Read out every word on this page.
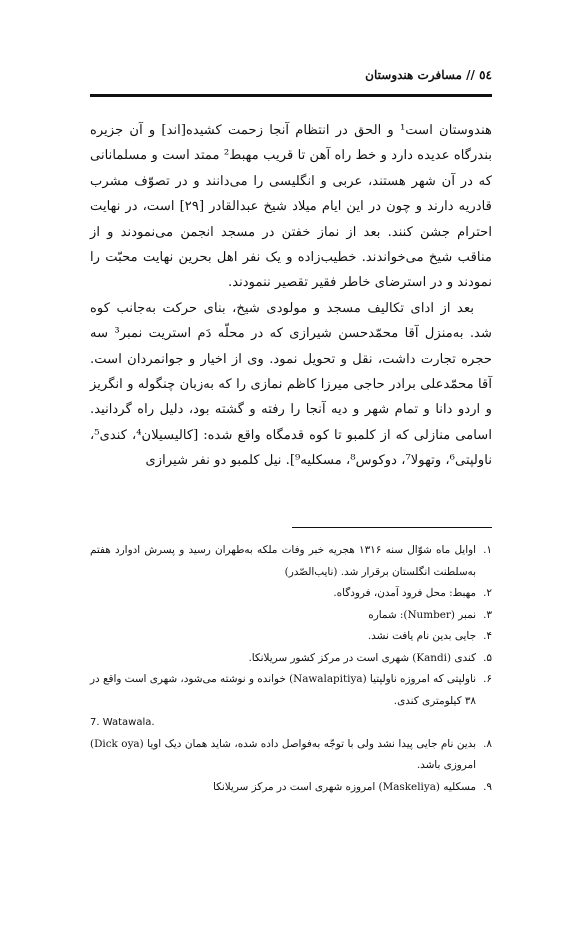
٥٤ // مسافرت هندوستان

هندوستان است¹ و الحق در انتظام آنجا زحمت کشیده[اند] و آن جزیره بندرگاه عدیده دارد و خط راه آهن تا قریب مهبط² ممتد است و مسلمانانی که در آن شهر هستند، عربی و انگلیسی را می‌دانند و در تصوّف مشرب قادریه دارند و چون در این ایام میلاد شیخ عبدالقادر [۲۹] است، در نهایت احترام جشن کنند. بعد از نماز خفتن در مسجد انجمن می‌نمودند و از مناقب شیخ می‌خواندند. خطیب‌زاده و یک نفر اهل بحرین نهایت محبّت را نمودند و در استرضای خاطر فقیر تقصیر ننمودند.

بعد از ادای تکالیف مسجد و مولودی شیخ، بنای حرکت به‌جانب کوه شد. به‌منزل آقا محمّدحسن شیرازی که در محلّه دَم استریت نمبر³ سه حجره تجارت داشت، نقل و تحویل نمود. وی از اخیار و جوانمردان است. آقا محمّدعلی برادر حاجی میرزا کاظم نمازی را که به‌زبان چنگوله و انگریز و اردو دانا و تمام شهر و دیه آنجا را رفته و گشته بود، دلیل راه گردانید. اسامی منازلی که از کلمبو تا کوه قدمگاه واقع شده: [کالیسیلان⁴، کندی⁵، ناولپتی⁶، وتهولا⁷، دوکوس⁸، مسکلیه⁹]. نیل کلمبو دو نفر شیرازی

۱.
اوایل ماه شوّال سنه ۱۳۱۶ هجریه خبر وفات ملکه به‌طهران رسید و پسرش ادوارد هفتم به‌سلطنت انگلستان برقرار شد. (نایب‌الصّدر)
۲.
مهبط: محل فرود آمدن، فرودگاه.
۳.
نمبر (Number): شماره
۴.
جایی بدین نام یافت نشد.
۵.
کندی (Kandi) شهری است در مرکز کشور سریلانکا.
۶.
ناولپتی که امروزه ناولپتیا (Nawalapitiya) خوانده و نوشته می‌شود، شهری است واقع در ۳۸ کیلومتری کندی.
7. Watawala.
۸.
بدین نام جایی پیدا نشد ولی با توجّه به‌فواصل داده شده، شاید همان دیک اویا (Dick oya) امروزی باشد.
۹.
مسکلیه (Maskeliya) امروزه شهری است در مرکز سریلانکا
